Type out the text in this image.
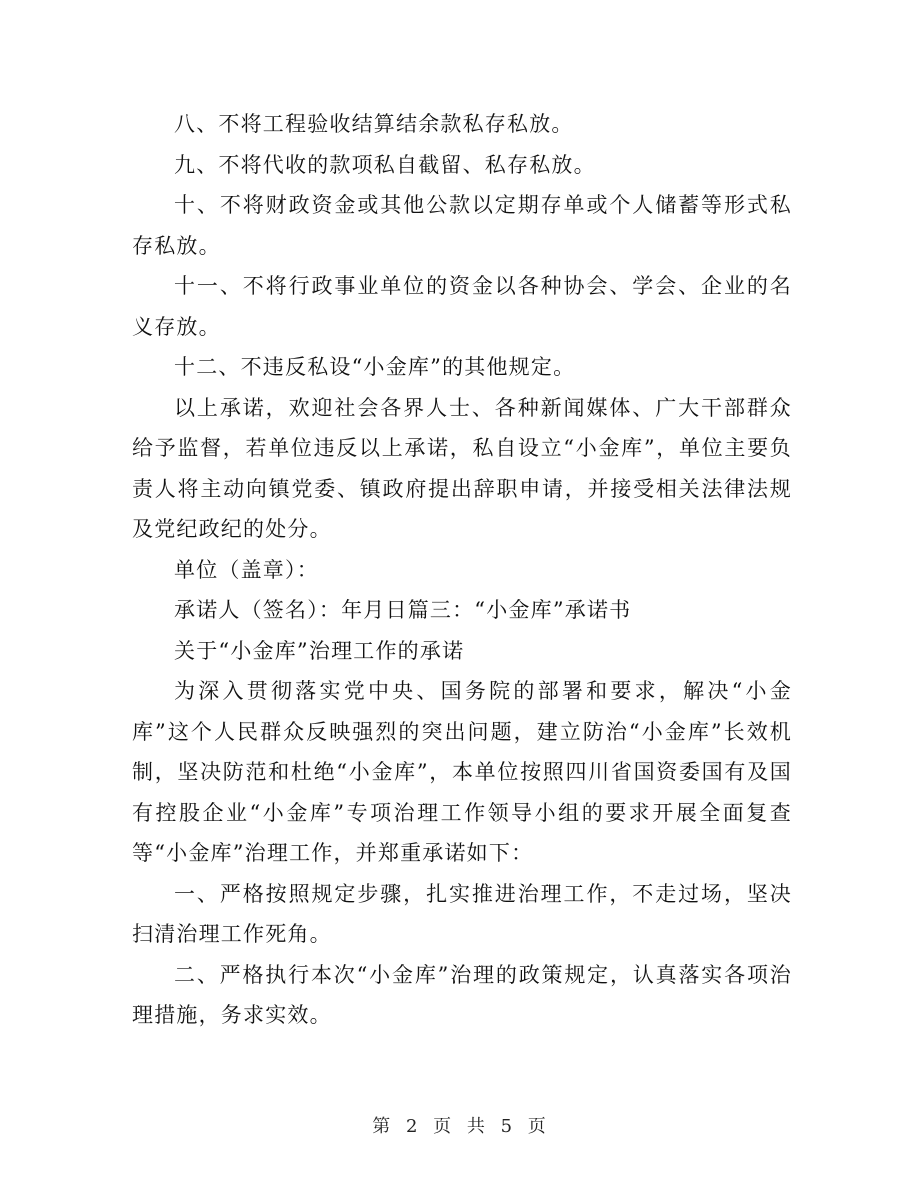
八、不将工程验收结算结余款私存私放。

九、不将代收的款项私自截留、私存私放。

十、不将财政资金或其他公款以定期存单或个人储蓄等形式私存私放。

十一、不将行政事业单位的资金以各种协会、学会、企业的名义存放。

十二、不违反私设“小金库”的其他规定。

以上承诺，欢迎社会各界人士、各种新闻媒体、广大干部群众给予监督，若单位违反以上承诺，私自设立“小金库”，单位主要负责人将主动向镇党委、镇政府提出辞职申请，并接受相关法律法规及党纪政纪的处分。

单位（盖章）：

承诺人（签名）：年月日篇三：“小金库”承诺书

关于“小金库”治理工作的承诺

为深入贯彻落实党中央、国务院的部署和要求，解决“小金库”这个人民群众反映强烈的突出问题，建立防治“小金库”长效机制，坚决防范和杜绝“小金库”，本单位按照四川省国资委国有及国有控股企业“小金库”专项治理工作领导小组的要求开展全面复查等“小金库”治理工作，并郑重承诺如下：

一、严格按照规定步骤，扎实推进治理工作，不走过场，坚决扫清治理工作死角。

二、严格执行本次“小金库”治理的政策规定，认真落实各项治理措施，务求实效。

第 2 页 共 5 页
